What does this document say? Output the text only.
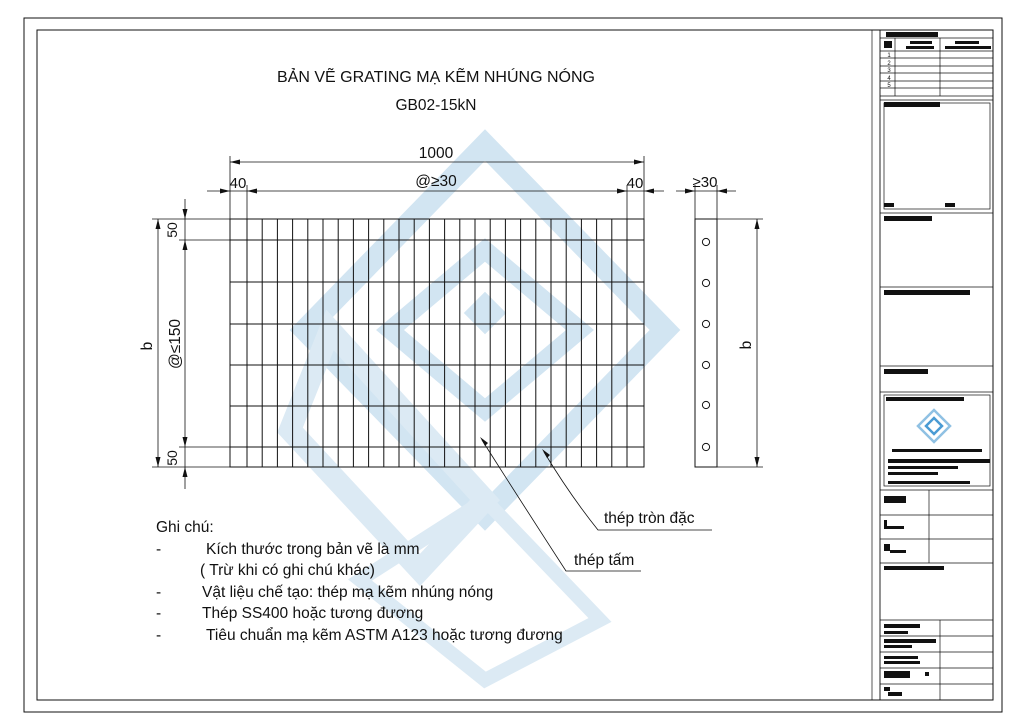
BẢN VẼ GRATING MẠ KẼM NHÚNG NÓNG
GB02-15kN
1000
40	@≥30	40	≥30
50
50
@≤150
b	b
thép tròn đặc
thép tấm
1
2
3
4
5
Ghi chú:
-	Kích thước trong bản vẽ là mm
( Trừ khi có ghi chú khác)
-	Vật liệu chế tạo: thép mạ kẽm nhúng nóng
-	Thép SS400 hoặc tương đương
-	Tiêu chuẩn mạ kẽm ASTM A123 hoặc tương đương
